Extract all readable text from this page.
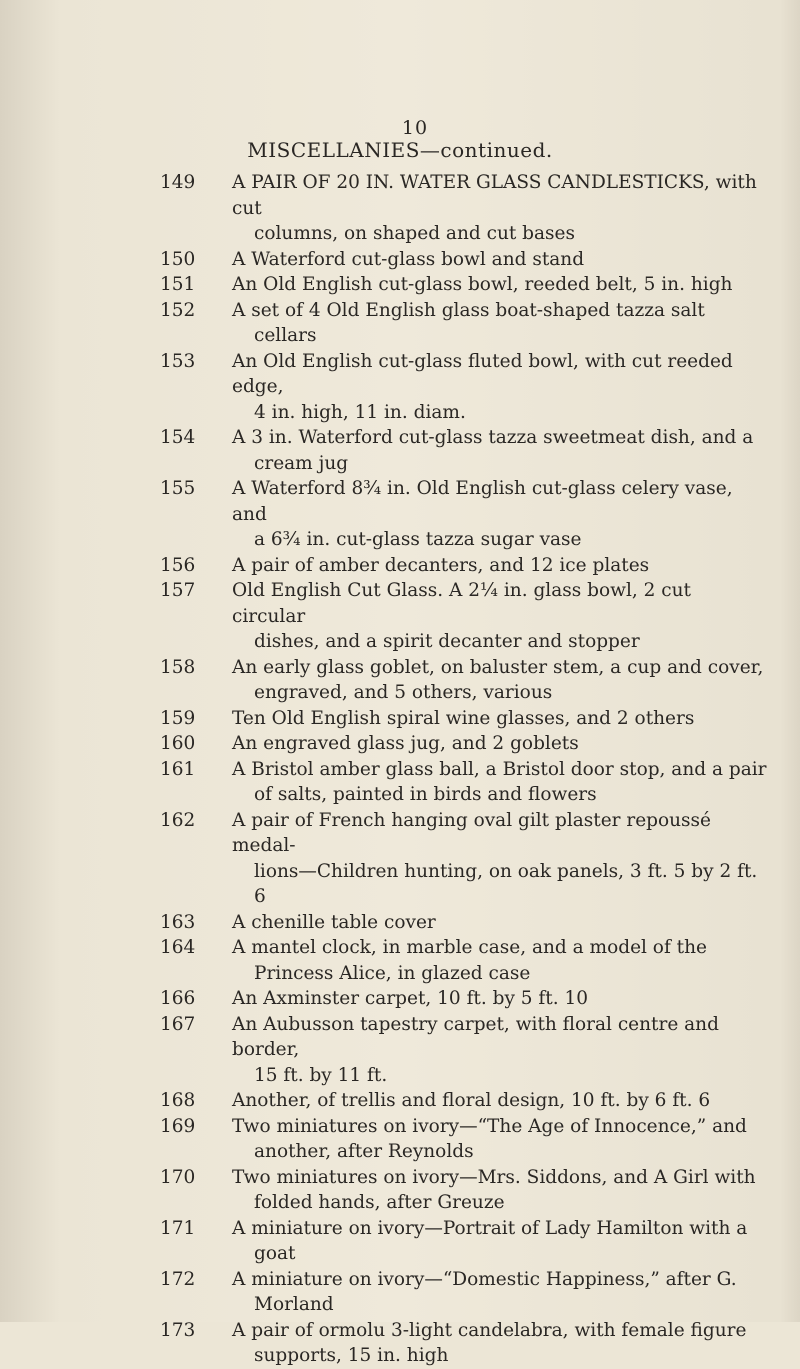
10
MISCELLANIES—continued.
149	A PAIR OF 20 IN. WATER GLASS CANDLESTICKS, with cut
columns, on shaped and cut bases
150	A Waterford cut-glass bowl and stand
151	An Old English cut-glass bowl, reeded belt, 5 in. high
152	A set of 4 Old English glass boat-shaped tazza salt
cellars
153	An Old English cut-glass fluted bowl, with cut reeded edge,
4 in. high, 11 in. diam.
154	A 3 in. Waterford cut-glass tazza sweetmeat dish, and a
cream jug
155	A Waterford 8¾ in. Old English cut-glass celery vase, and
a 6¾ in. cut-glass tazza sugar vase
156	A pair of amber decanters, and 12 ice plates
157	Old English Cut Glass. A 2¼ in. glass bowl, 2 cut circular
dishes, and a spirit decanter and stopper
158	An early glass goblet, on baluster stem, a cup and cover,
engraved, and 5 others, various
159	Ten Old English spiral wine glasses, and 2 others
160	An engraved glass jug, and 2 goblets
161	A Bristol amber glass ball, a Bristol door stop, and a pair
of salts, painted in birds and flowers
162	A pair of French hanging oval gilt plaster repoussé medal-
lions—Children hunting, on oak panels, 3 ft. 5 by 2 ft. 6
163	A chenille table cover
164	A mantel clock, in marble case, and a model of the
Princess Alice, in glazed case
166	An Axminster carpet, 10 ft. by 5 ft. 10
167	An Aubusson tapestry carpet, with floral centre and border,
15 ft. by 11 ft.
168	Another, of trellis and floral design, 10 ft. by 6 ft. 6
169	Two miniatures on ivory—“The Age of Innocence,” and
another, after Reynolds
170	Two miniatures on ivory—Mrs. Siddons, and A Girl with
folded hands, after Greuze
171	A miniature on ivory—Portrait of Lady Hamilton with a
goat
172	A miniature on ivory—“Domestic Happiness,” after G.
Morland
173	A pair of ormolu 3-light candelabra, with female figure
supports, 15 in. high
